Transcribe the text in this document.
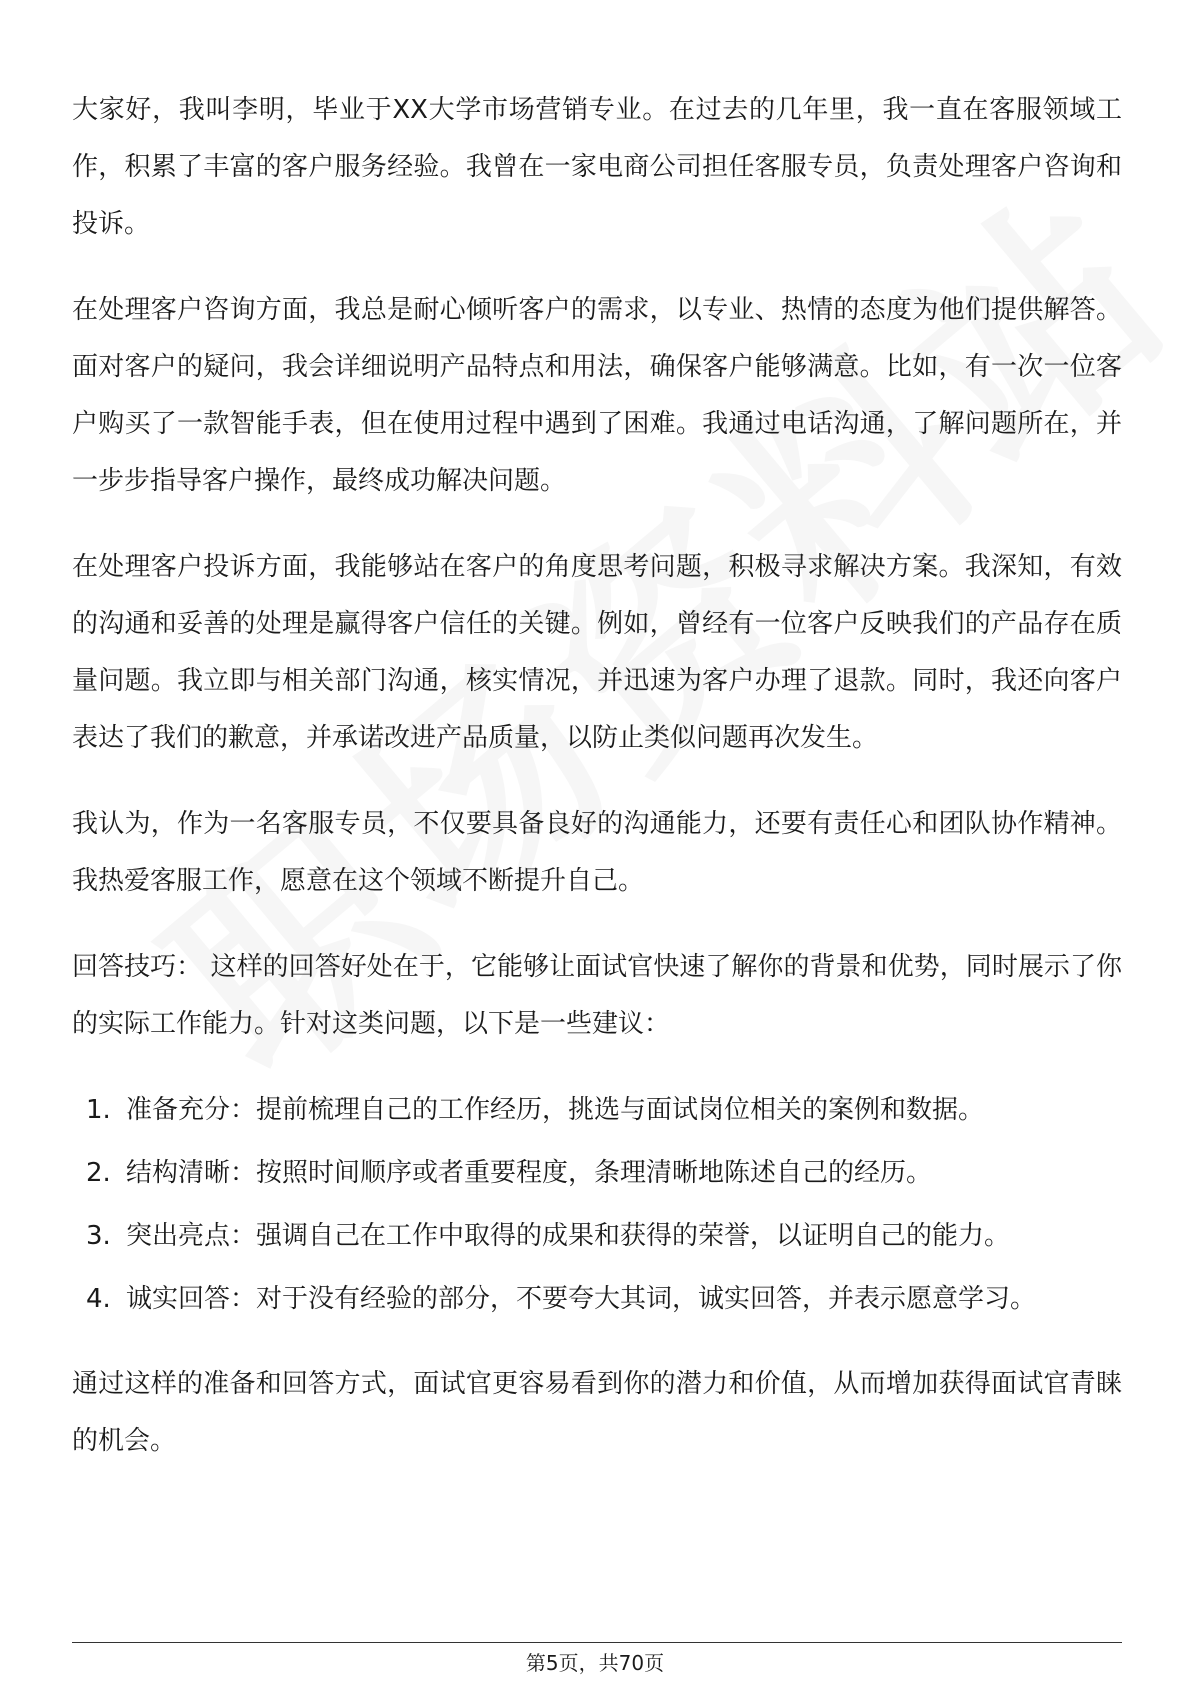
大家好，我叫李明，毕业于XX大学市场营销专业。在过去的几年里，我一直在客服领域工作，积累了丰富的客户服务经验。我曾在一家电商公司担任客服专员，负责处理客户咨询和投诉。

在处理客户咨询方面，我总是耐心倾听客户的需求，以专业、热情的态度为他们提供解答。面对客户的疑问，我会详细说明产品特点和用法，确保客户能够满意。比如，有一次一位客户购买了一款智能手表，但在使用过程中遇到了困难。我通过电话沟通，了解问题所在，并一步步指导客户操作，最终成功解决问题。

在处理客户投诉方面，我能够站在客户的角度思考问题，积极寻求解决方案。我深知，有效的沟通和妥善的处理是赢得客户信任的关键。例如，曾经有一位客户反映我们的产品存在质量问题。我立即与相关部门沟通，核实情况，并迅速为客户办理了退款。同时，我还向客户表达了我们的歉意，并承诺改进产品质量，以防止类似问题再次发生。

我认为，作为一名客服专员，不仅要具备良好的沟通能力，还要有责任心和团队协作精神。我热爱客服工作，愿意在这个领域不断提升自己。

回答技巧： 这样的回答好处在于，它能够让面试官快速了解你的背景和优势，同时展示了你的实际工作能力。针对这类问题，以下是一些建议：

1. 准备充分：提前梳理自己的工作经历，挑选与面试岗位相关的案例和数据。
2. 结构清晰：按照时间顺序或者重要程度，条理清晰地陈述自己的经历。
3. 突出亮点：强调自己在工作中取得的成果和获得的荣誉，以证明自己的能力。
4. 诚实回答：对于没有经验的部分，不要夸大其词，诚实回答，并表示愿意学习。

通过这样的准备和回答方式，面试官更容易看到你的潜力和价值，从而增加获得面试官青睐的机会。

第5页，共70页
